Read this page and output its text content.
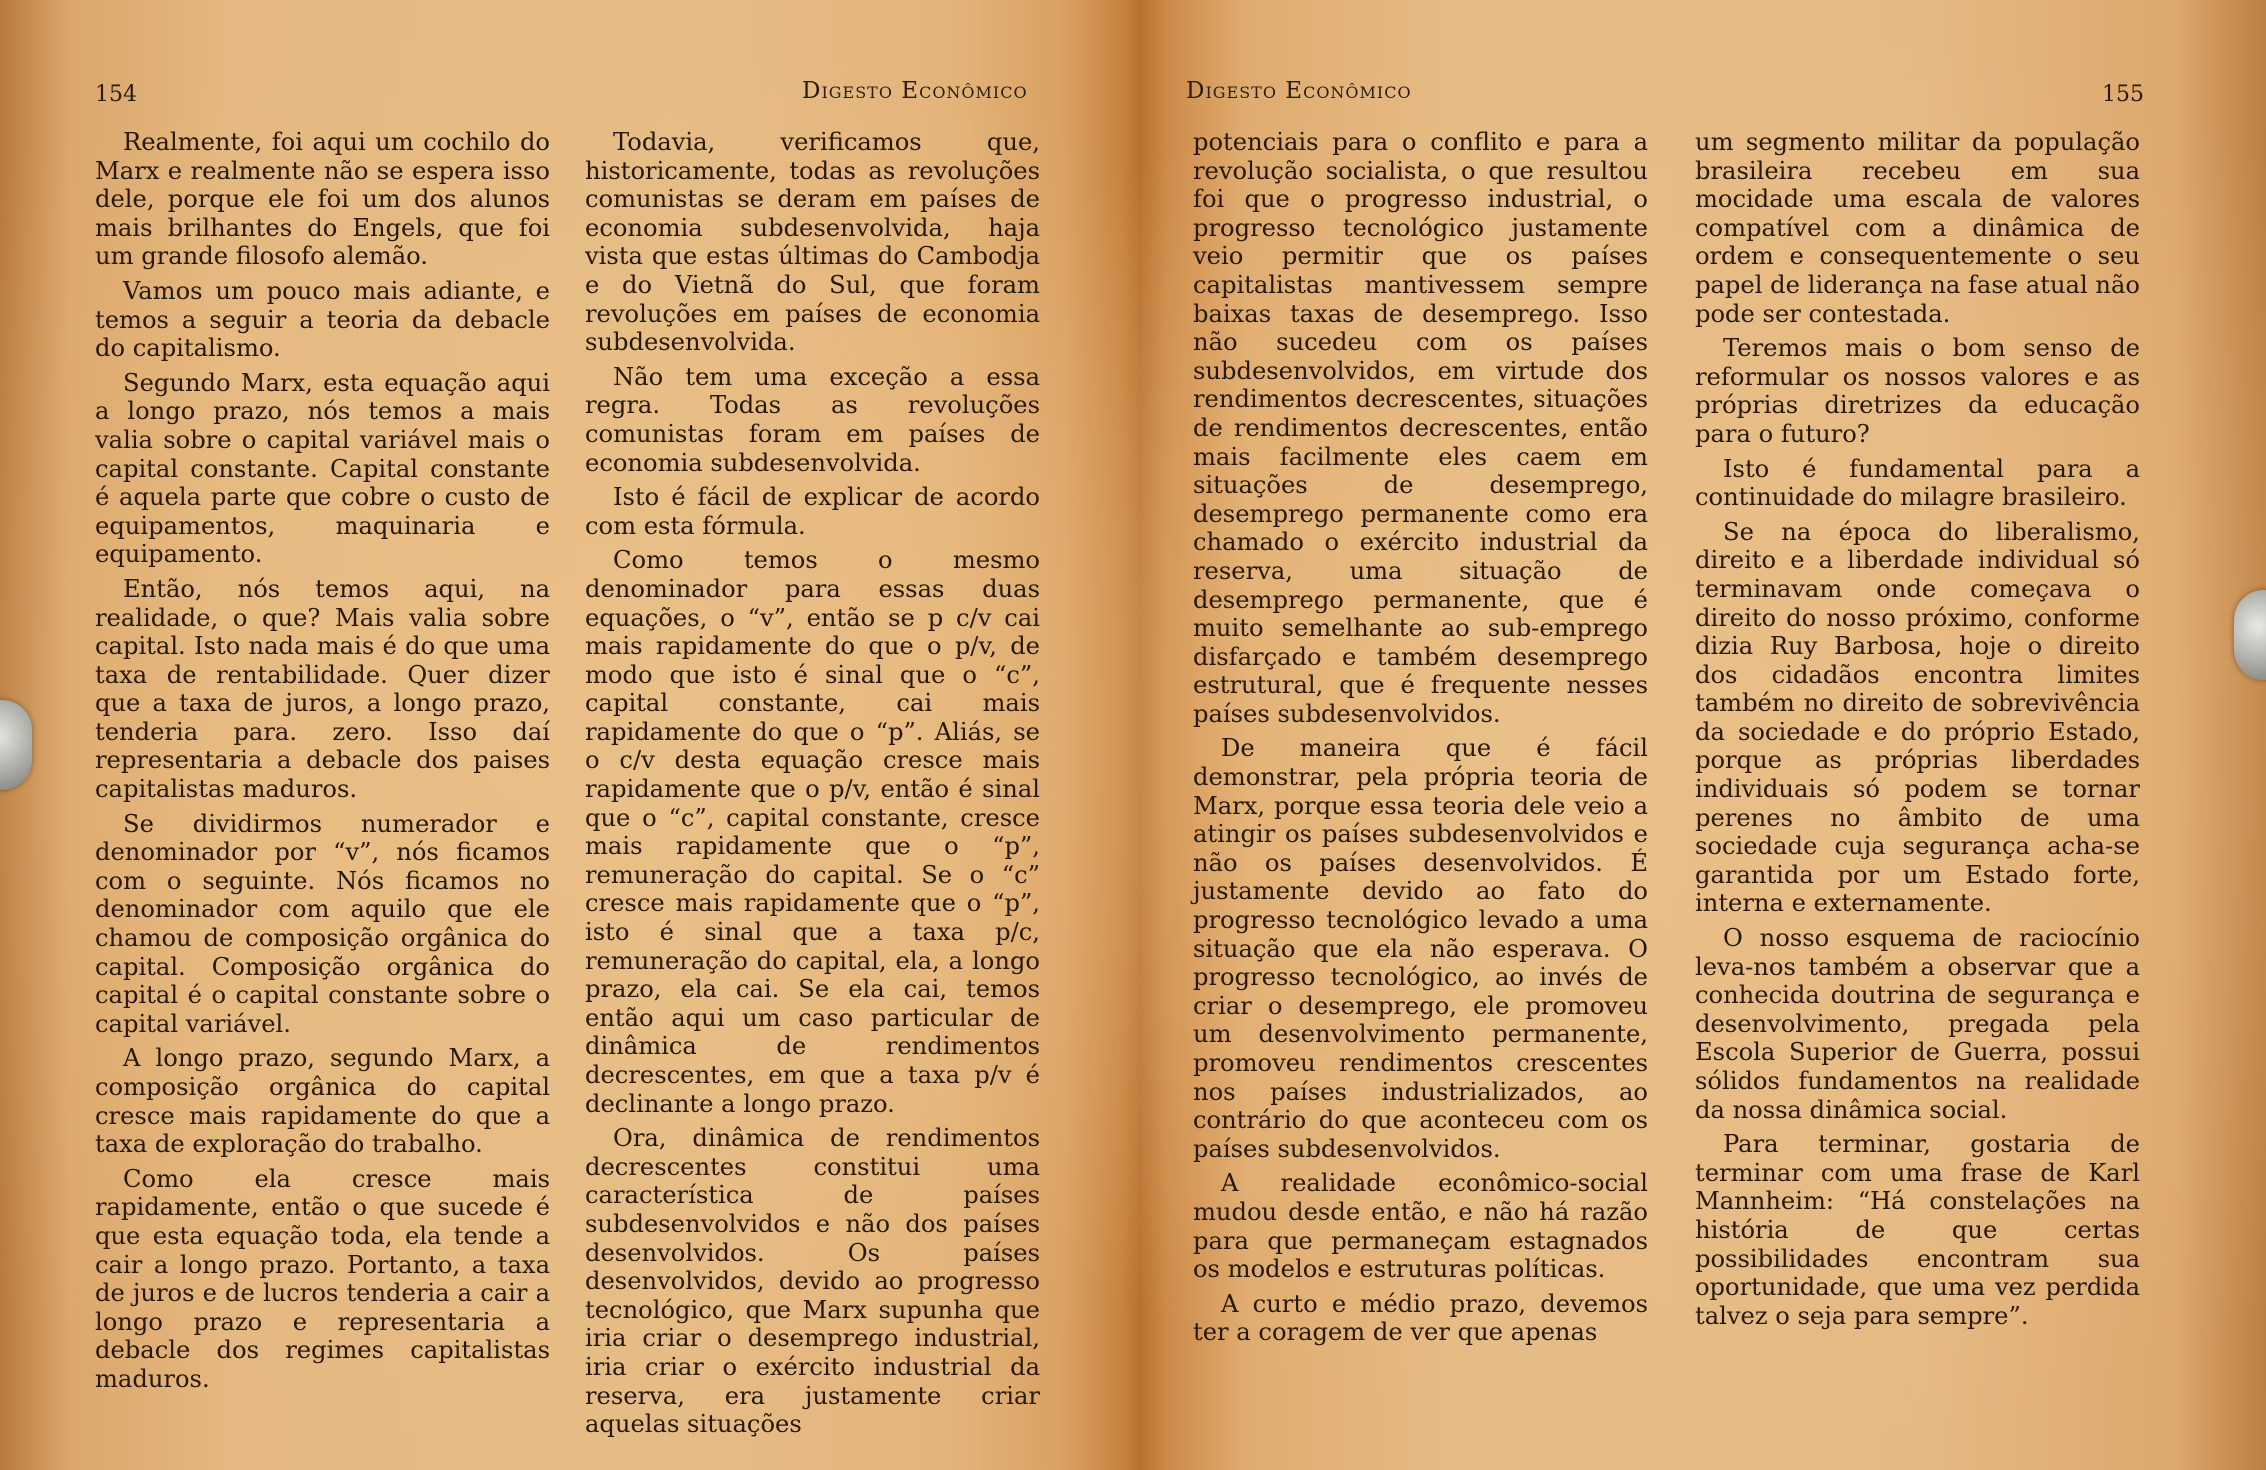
154	Digesto Econômico

Realmente, foi aqui um cochilo do Marx e realmente não se espera isso dele, porque ele foi um dos alunos mais brilhantes do Engels, que foi um grande filosofo alemão.

Vamos um pouco mais adiante, e temos a seguir a teoria da debacle do capitalismo.

Segundo Marx, esta equação aqui a longo prazo, nós temos a mais valia sobre o capital variável mais o capital constante. Capital constante é aquela parte que cobre o custo de equipamentos, maquinaria e equipamento.

Então, nós temos aqui, na realidade, o que? Mais valia sobre capital. Isto nada mais é do que uma taxa de rentabilidade. Quer dizer que a taxa de juros, a longo prazo, tenderia para. zero. Isso daí representaria a debacle dos paises capitalistas maduros.

Se dividirmos numerador e denominador por “v”, nós ficamos com o seguinte. Nós ficamos no denominador com aquilo que ele chamou de composição orgânica do capital. Composição orgânica do capital é o capital constante sobre o capital variável.

A longo prazo, segundo Marx, a composição orgânica do capital cresce mais rapidamente do que a taxa de exploração do trabalho.

Como ela cresce mais rapidamente, então o que sucede é que esta equação toda, ela tende a cair a longo prazo. Portanto, a taxa de juros e de lucros tenderia a cair a longo prazo e representaria a debacle dos regimes capitalistas maduros.

Todavia, verificamos que, historicamente, todas as revoluções comunistas se deram em países de economia subdesenvolvida, haja vista que estas últimas do Cambodja e do Vietnã do Sul, que foram revoluções em países de economia subdesenvolvida.

Não tem uma exceção a essa regra. Todas as revoluções comunistas foram em países de economia subdesenvolvida.

Isto é fácil de explicar de acordo com esta fórmula.

Como temos o mesmo denominador para essas duas equações, o “v”, então se p c/v cai mais rapidamente do que o p/v, de modo que isto é sinal que o “c”, capital constante, cai mais rapidamente do que o “p”. Aliás, se o c/v desta equação cresce mais rapidamente que o p/v, então é sinal que o “c”, capital constante, cresce mais rapidamente que o “p”, remuneração do capital. Se o “c” cresce mais rapidamente que o “p”, isto é sinal que a taxa p/c, remuneração do capital, ela, a longo prazo, ela cai. Se ela cai, temos então aqui um caso particular de dinâmica de rendimentos decrescentes, em que a taxa p/v é declinante a longo prazo.

Ora, dinâmica de rendimentos decrescentes constitui uma característica de países subdesenvolvidos e não dos países desenvolvidos. Os países desenvolvidos, devido ao progresso tecnológico, que Marx supunha que iria criar o desemprego industrial, iria criar o exército industrial da reserva, era justamente criar aquelas situações

Digesto Econômico	155

potenciais para o conflito e para a revolução socialista, o que resultou foi que o progresso industrial, o progresso tecnológico justamente veio permitir que os países capitalistas mantivessem sempre baixas taxas de desemprego. Isso não sucedeu com os países subdesenvolvidos, em virtude dos rendimentos decrescentes, situações de rendimentos decrescentes, então mais facilmente eles caem em situações de desemprego, desemprego permanente como era chamado o exército industrial da reserva, uma situação de desemprego permanente, que é muito semelhante ao sub-emprego disfarçado e também desemprego estrutural, que é frequente nesses países subdesenvolvidos.

De maneira que é fácil demonstrar, pela própria teoria de Marx, porque essa teoria dele veio a atingir os países subdesenvolvidos e não os países desenvolvidos. É justamente devido ao fato do progresso tecnológico levado a uma situação que ela não esperava. O progresso tecnológico, ao invés de criar o desemprego, ele promoveu um desenvolvimento permanente, promoveu rendimentos crescentes nos países industrializados, ao contrário do que aconteceu com os países subdesenvolvidos.

A realidade econômico-social mudou desde então, e não há razão para que permaneçam estagnados os modelos e estruturas políticas.

A curto e médio prazo, devemos ter a coragem de ver que apenas

um segmento militar da população brasileira recebeu em sua mocidade uma escala de valores compatível com a dinâmica de ordem e consequentemente o seu papel de liderança na fase atual não pode ser contestada.

Teremos mais o bom senso de reformular os nossos valores e as próprias diretrizes da educação para o futuro?

Isto é fundamental para a continuidade do milagre brasileiro.

Se na época do liberalismo, direito e a liberdade individual só terminavam onde começava o direito do nosso próximo, conforme dizia Ruy Barbosa, hoje o direito dos cidadãos encontra limites também no direito de sobrevivência da sociedade e do próprio Estado, porque as próprias liberdades individuais só podem se tornar perenes no âmbito de uma sociedade cuja segurança acha-se garantida por um Estado forte, interna e externamente.

O nosso esquema de raciocínio leva-nos também a observar que a conhecida doutrina de segurança e desenvolvimento, pregada pela Escola Superior de Guerra, possui sólidos fundamentos na realidade da nossa dinâmica social.

Para terminar, gostaria de terminar com uma frase de Karl Mannheim: “Há constelações na história de que certas possibilidades encontram sua oportunidade, que uma vez perdida talvez o seja para sempre”.
